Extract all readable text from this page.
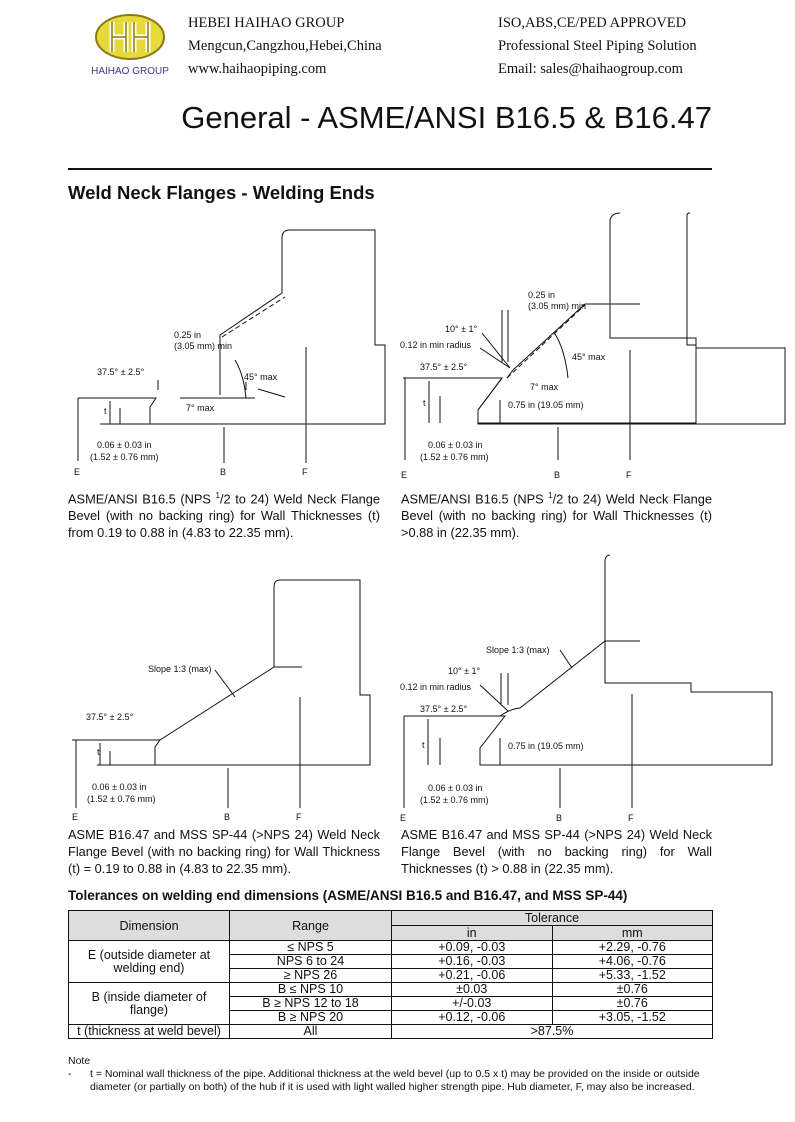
HAIHAO GROUP
HEBEI HAIHAO GROUP
Mengcun,Cangzhou,Hebei,China
www.haihaopiping.com
ISO,ABS,CE/PED APPROVED
Professional Steel Piping Solution
Email: sales@haihaogroup.com
General - ASME/ANSI B16.5 & B16.47
Weld Neck Flanges - Welding Ends
0.25 in
(3.05 mm) min
37.5° ± 2.5°	45° max
7° max
t
0.06 ± 0.03 in
(1.52 ± 0.76 mm)
E	B	F
ASME/ANSI B16.5 (NPS $^1$/2 to 24) Weld Neck Flange Bevel (with no backing ring) for Wall Thicknesses (t) from 0.19 to 0.88 in (4.83 to 22.35 mm).
0.25 in
(3.05 mm) min
10° ± 1°
0.12 in min radius
37.5° ± 2.5°
45° max
7° max
0.75 in (19.05 mm)
t
0.06 ± 0.03 in
(1.52 ± 0.76 mm)
E	B	F
ASME/ANSI B16.5 (NPS $^1$/2 to 24) Weld Neck Flange Bevel (with no backing ring) for Wall Thicknesses (t) >0.88 in (22.35 mm).
Slope 1:3 (max)
37.5° ± 2.5°
t
0.06 ± 0.03 in
(1.52 ± 0.76 mm)
E	B	F
ASME B16.47 and MSS SP-44 (>NPS 24) Weld Neck Flange Bevel (with no backing ring) for Wall Thickness (t) = 0.19 to 0.88 in (4.83 to 22.35 mm).
Slope 1:3 (max)
10° ± 1°
0.12 in min radius
37.5° ± 2.5°
0.75 in (19.05 mm)
t
0.06 ± 0.03 in
(1.52 ± 0.76 mm)
E	B	F
ASME B16.47 and MSS SP-44 (>NPS 24) Weld Neck Flange Bevel (with no backing ring) for Wall Thicknesses (t) > 0.88 in (22.35 mm).
Tolerances on welding end dimensions (ASME/ANSI B16.5 and B16.47, and MSS SP-44)
Dimension	Range	Tolerance	
		in	mm
E (outside diameter at welding end)	≤ NPS 5	+0.09, -0.03	+2.29, -0.76
	NPS 6 to 24	+0.16, -0.03	+4.06, -0.76
	≥ NPS 26	+0.21, -0.06	+5.33, -1.52
B (inside diameter of flange)	B ≤ NPS 10	±0.03	±0.76
	B ≥ NPS 12 to 18	+/-0.03	±0.76
	B ≥ NPS 20	+0.12, -0.06	+3.05, -1.52
t (thickness at weld bevel)	All	>87.5%	
Note
-	t = Nominal wall thickness of the pipe. Additional thickness at the weld bevel (up to 0.5 x t) may be provided on the inside or outside diameter (or partially on both) of the hub if it is used with light walled higher strength pipe. Hub diameter, F, may also be increased.
